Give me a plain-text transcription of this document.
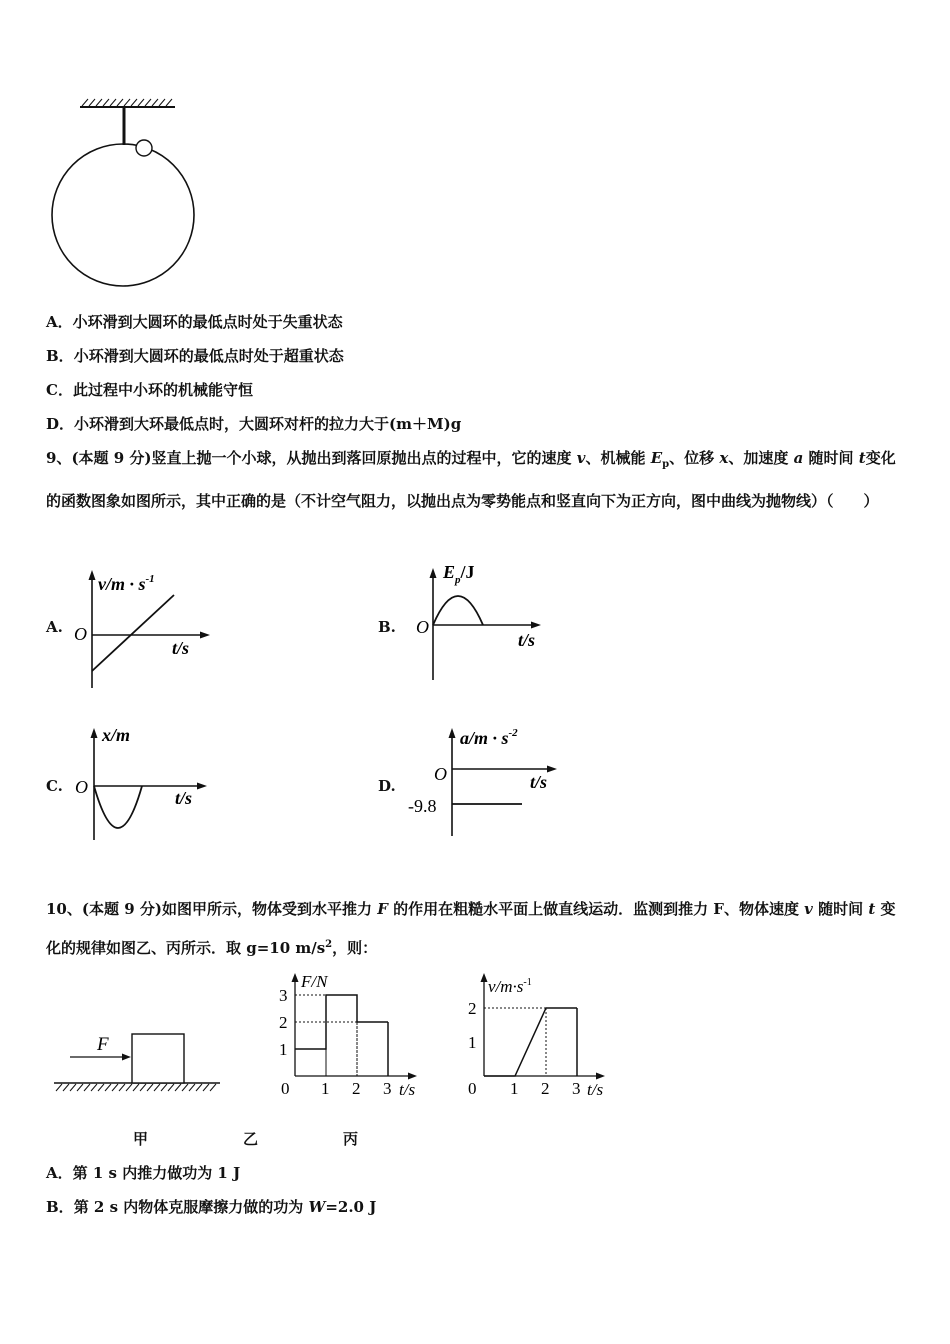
A．小环滑到大圆环的最低点时处于失重状态
B．小环滑到大圆环的最低点时处于超重状态
C．此过程中小环的机械能守恒
D．小环滑到大环最低点时，大圆环对杆的拉力大于(m＋M)g
9、(本题 9 分)竖直上抛一个小球，从抛出到落回原抛出点的过程中，它的速度 v、机械能 $E_p$、位移 x、加速度 a 随时间 t变化的函数图象如图所示，其中正确的是（不计空气阻力，以抛出点为零势能点和竖直向下为正方向，图中曲线为抛物线）（　　）
A.
$v/m \cdot s^{-1}$
O
t/s
B.
$E_p/J$
O
t/s
C.
x/m
O
t/s
D.
$a/m \cdot s^{-2}$
O	t/s
-9.8
10、(本题 9 分)如图甲所示，物体受到水平推力 F 的作用在粗糙水平面上做直线运动．监测到推力 F、物体速度 v 随时间 t 变化的规律如图乙、丙所示．取 g=10 $m/s^2$，则：
F
F/N
0	t/s
1 2 3
1
2
3	$v/m\cdot s^{-1}$
0	t/s
1 2 3
1
2
甲	乙	丙
A．第 1 s 内推力做功为 1 J
B．第 2 s 内物体克服摩擦力做的功为 W=2.0 J
